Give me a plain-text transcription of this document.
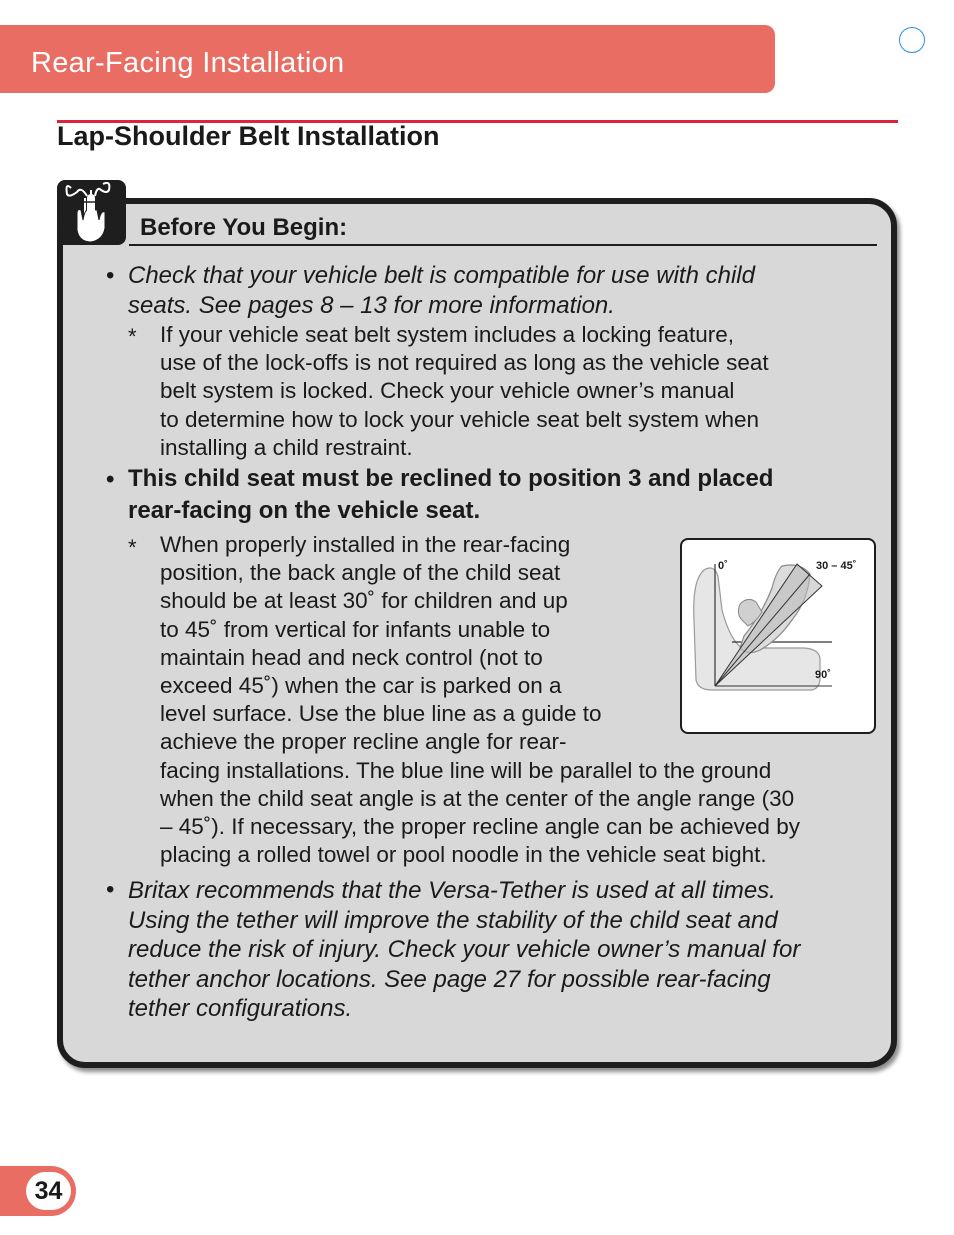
Rear-Facing Installation
Lap-Shoulder Belt Installation
Before You Begin:
• Check that your vehicle belt is compatible for use with child
seats. See pages 8 – 13 for more information.
* If your vehicle seat belt system includes a locking feature,
use of the lock-offs is not required as long as the vehicle seat
belt system is locked. Check your vehicle owner’s manual
to determine how to lock your vehicle seat belt system when
installing a child restraint.
• This child seat must be reclined to position 3 and placed
rear-facing on the vehicle seat.
* When properly installed in the rear-facing
position, the back angle of the child seat
should be at least 30˚ for children and up
to 45˚ from vertical for infants unable to
maintain head and neck control (not to
exceed 45˚) when the car is parked on a
level surface. Use the blue line as a guide to
achieve the proper recline angle for rear-
facing installations. The blue line will be parallel to the ground
when the child seat angle is at the center of the angle range (30
– 45˚). If necessary, the proper recline angle can be achieved by
placing a rolled towel or pool noodle in the vehicle seat bight.
0˚	30 – 45˚
90˚
• Britax recommends that the Versa-Tether is used at all times.
Using the tether will improve the stability of the child seat and
reduce the risk of injury. Check your vehicle owner’s manual for
tether anchor locations. See page 27 for possible rear-facing
tether configurations.
34
